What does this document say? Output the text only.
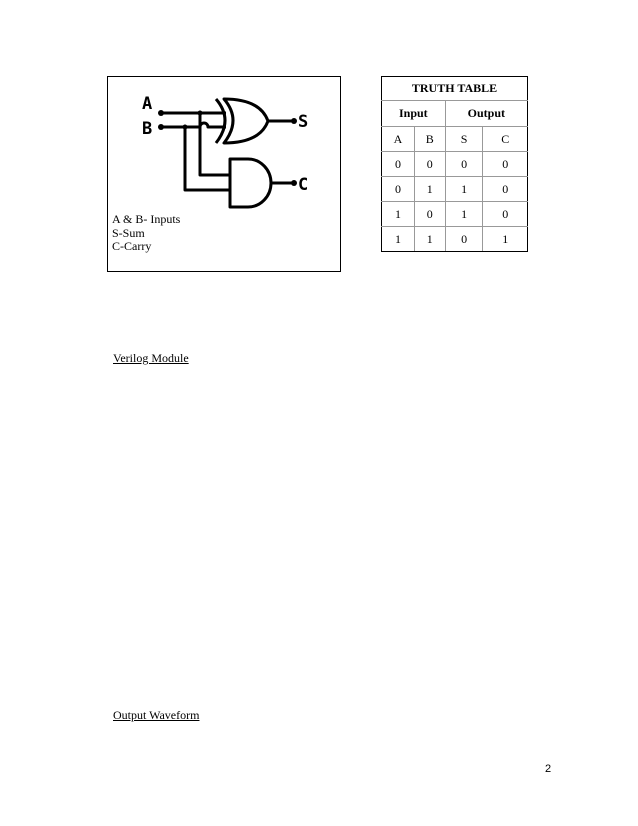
A
B	S
C
A & B- Inputs
S-Sum
C-Carry
TRUTH TABLE			
Input		Output	
A	B	S	C
0	0	0	0
0	1	1	0
1	0	1	0
1	1	0	1
Verilog Module
Output Waveform
2
